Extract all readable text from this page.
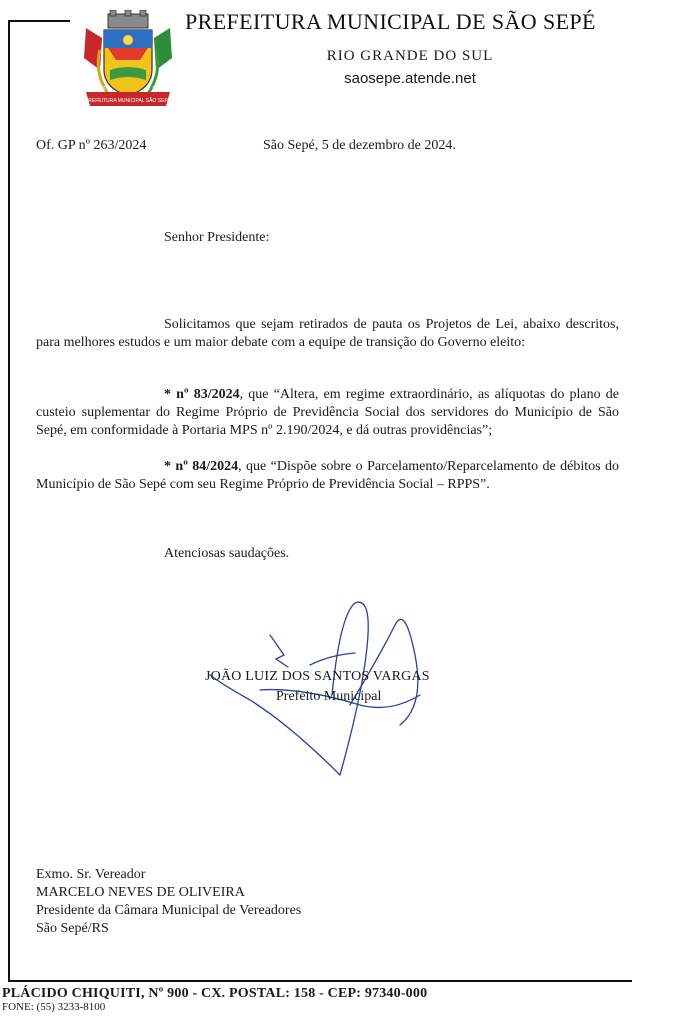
PREFEITURA MUNICIPAL SÃO SEPÉ
1876	1876
PREFEITURA MUNICIPAL DE SÃO SEPÉ
RIO GRANDE DO SUL
saosepe.atende.net
Of. GP nº 263/2024	São Sepé, 5 de dezembro de 2024.
Senhor Presidente:
Solicitamos que sejam retirados de pauta os Projetos de Lei, abaixo descritos, para melhores estudos e um maior debate com a equipe de transição do Governo eleito:
* nº 83/2024, que “Altera, em regime extraordinário, as alíquotas do plano de custeio suplementar do Regime Próprio de Previdência Social dos servidores do Município de São Sepé, em conformidade à Portaria MPS nº 2.190/2024, e dá outras providências”;
* nº 84/2024, que “Dispõe sobre o Parcelamento/Reparcelamento de débitos do Município de São Sepé com seu Regime Próprio de Previdência Social – RPPS”.
Atenciosas saudações.
JOÃO LUIZ DOS SANTOS VARGAS
Prefeito Municipal
Exmo. Sr. Vereador
MARCELO NEVES DE OLIVEIRA
Presidente da Câmara Municipal de Vereadores
São Sepé/RS
PLÁCIDO CHIQUITI, Nº 900 - CX. POSTAL: 158 - CEP: 97340-000
FONE: (55) 3233-8100
